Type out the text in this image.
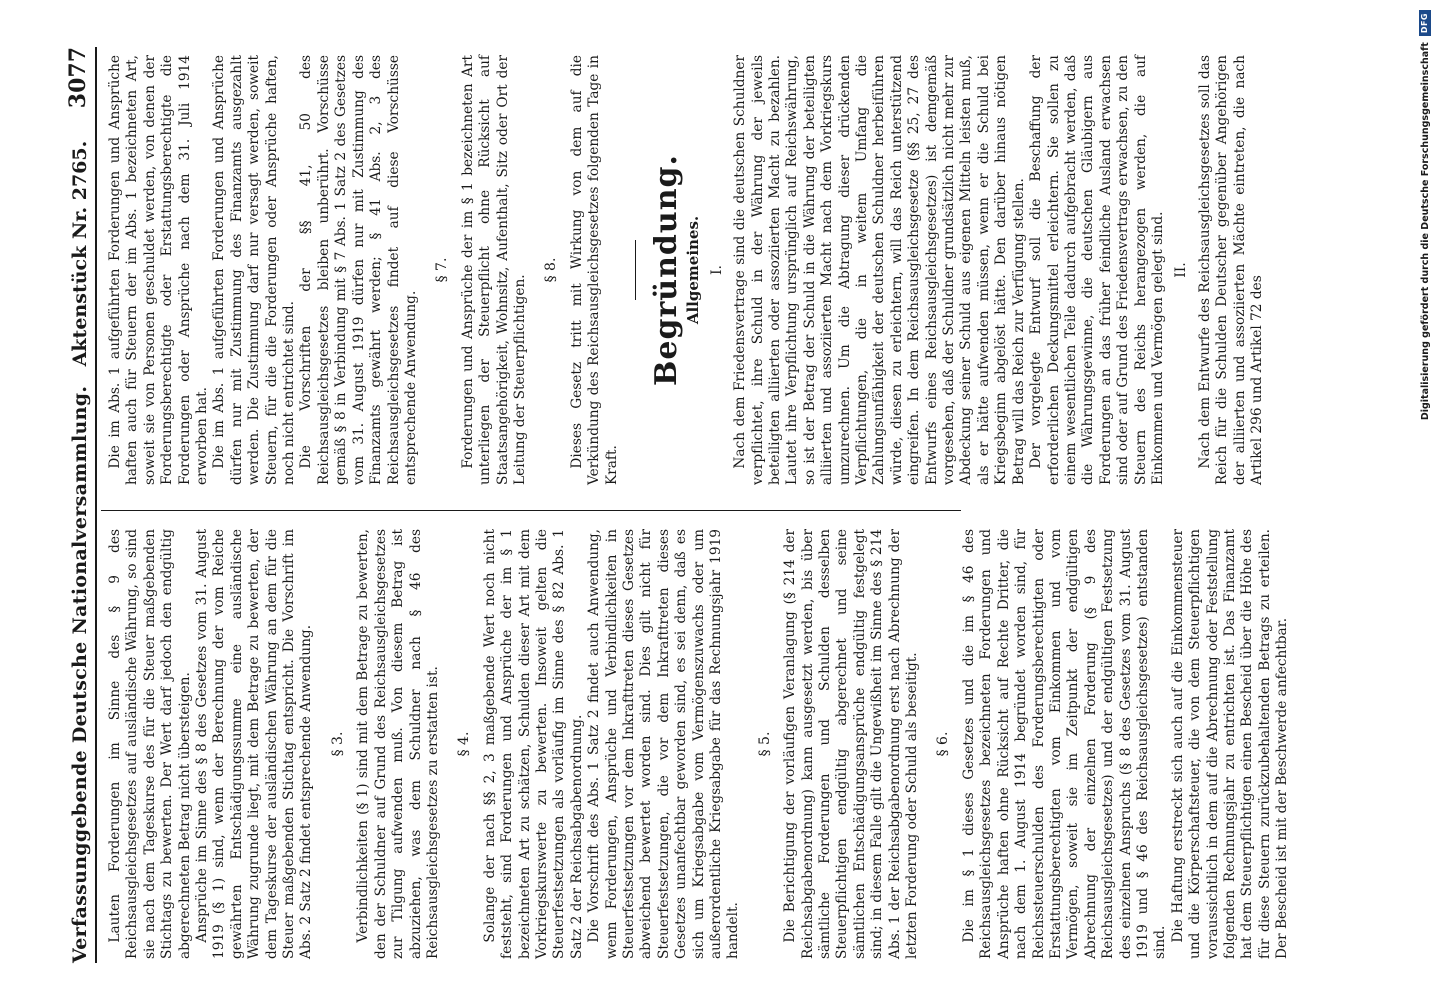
Verfassunggebende Deutsche Nationalversammlung.
Aktenstück Nr. 2765.
3077

Lauten Forderungen im Sinne des § 9 des Reichsausgleichsgesetzes auf ausländische Währung, so sind sie nach dem Tageskurse des für die Steuer maßgebenden Stichtags zu bewerten. Der Wert darf jedoch den endgültig abgerechneten Betrag nicht übersteigen. Ansprüche im Sinne des § 8 des Gesetzes vom 31. August 1919 (§ 1) sind, wenn der Berechnung der vom Reiche gewährten Entschädigungssumme eine ausländische Währung zugrunde liegt, mit dem Betrage zu bewerten, der dem Tageskurse der ausländischen Währung an dem für die Steuer maßgebenden Stichtag entspricht. Die Vorschrift im Abs. 2 Satz 2 findet entsprechende Anwendung. § 3. Verbindlichkeiten (§ 1) sind mit dem Betrage zu bewerten, den der Schuldner auf Grund des Reichsausgleichsgesetzes zur Tilgung aufwenden muß. Von diesem Betrag ist abzuziehen, was dem Schuldner nach § 46 des Reichsausgleichsgesetzes zu erstatten ist. § 4. Solange der nach §§ 2, 3 maßgebende Wert noch nicht feststeht, sind Forderungen und Ansprüche der im § 1 bezeichneten Art zu schätzen, Schulden dieser Art mit dem Vorkriegskurswerte zu bewerten. Insoweit gelten die Steuerfestsetzungen als vorläufig im Sinne des § 82 Abs. 1 Satz 2 der Reichsabgabenordnung. Die Vorschrift des Abs. 1 Satz 2 findet auch Anwendung, wenn Forderungen, Ansprüche und Verbindlichkeiten in Steuerfestsetzungen vor dem Inkrafttreten dieses Gesetzes abweichend bewertet worden sind. Dies gilt nicht für Steuerfestsetzungen, die vor dem Inkrafttreten dieses Gesetzes unanfechtbar geworden sind, es sei denn, daß es sich um Kriegsabgabe vom Vermögenszuwachs oder um außerordentliche Kriegsabgabe für das Rechnungsjahr 1919 handelt.

§ 5. Die Berichtigung der vorläufigen Veranlagung (§ 214 der Reichsabgabenordnung) kann ausgesetzt werden, bis über sämtliche Forderungen und Schulden desselben Steuerpflichtigen endgültig abgerechnet und seine sämtlichen Entschädigungsansprüche endgültig festgelegt sind; in diesem Falle gilt die Ungewißheit im Sinne des § 214 Abs. 1 der Reichsabgabenordnung erst nach Abrechnung der letzten Forderung oder Schuld als beseitigt. § 6. Die im § 1 dieses Gesetzes und die im § 46 des Reichsausgleichsgesetzes bezeichneten Forderungen und Ansprüche haften ohne Rücksicht auf Rechte Dritter, die nach dem 1. August 1914 begründet worden sind, für Reichssteuerschulden des Forderungsberechtigten oder Erstattungsberechtigten vom Einkommen und vom Vermögen, soweit sie im Zeitpunkt der endgültigen Abrechnung der einzelnen Forderung (§ 9 des Reichsausgleichsgesetzes) und der endgültigen Festsetzung des einzelnen Anspruchs (§ 8 des Gesetzes vom 31. August 1919 und § 46 des Reichsausgleichsgesetzes) entstanden sind. Die Haftung erstreckt sich auch auf die Einkommensteuer und die Körperschaftsteuer, die von dem Steuerpflichtigen voraussichtlich in dem auf die Abrechnung oder Feststellung folgenden Rechnungsjahr zu entrichten ist. Das Finanzamt hat dem Steuerpflichtigen einen Bescheid über die Höhe des für diese Steuern zurückzubehaltenden Betrags zu erteilen. Der Bescheid ist mit der Beschwerde anfechtbar.

Die im Abs. 1 aufgeführten Forderungen und Ansprüche haften auch für Steuern der im Abs. 1 bezeichneten Art, soweit sie von Personen geschuldet werden, von denen der Forderungsberechtigte oder Erstattungsberechtigte die Forderungen oder Ansprüche nach dem 31. Juli 1914 erworben hat. Die im Abs. 1 aufgeführten Forderungen und Ansprüche dürfen nur mit Zustimmung des Finanzamts ausgezahlt werden. Die Zustimmung darf nur versagt werden, soweit Steuern, für die die Forderungen oder Ansprüche haften, noch nicht entrichtet sind. Die Vorschriften der §§ 41, 50 des Reichsausgleichsgesetzes bleiben unberührt. Vorschüsse gemäß § 8 in Verbindung mit § 7 Abs. 1 Satz 2 des Gesetzes vom 31. August 1919 dürfen nur mit Zustimmung des Finanzamts gewährt werden; § 41 Abs. 2, 3 des Reichsausgleichsgesetzes findet auf diese Vorschüsse entsprechende Anwendung.

§ 7. Forderungen und Ansprüche der im § 1 bezeichneten Art unterliegen der Steuerpflicht ohne Rücksicht auf Staatsangehörigkeit, Wohnsitz, Aufenthalt, Sitz oder Ort der Leitung der Steuerpflichtigen.

§ 8. Dieses Gesetz tritt mit Wirkung von dem auf die Verkündung des Reichsausgleichsgesetzes folgenden Tage in Kraft.

Begründung. Allgemeines. I. Nach dem Friedensvertrage sind die deutschen Schuldner verpflichtet, ihre Schuld in der Währung der jeweils beteiligten alliierten oder assoziierten Macht zu bezahlen. Lautet ihre Verpflichtung ursprünglich auf Reichswährung, so ist der Betrag der Schuld in die Währung der beteiligten alliierten und assoziierten Macht nach dem Vorkriegskurs umzurechnen. Um die Abtragung dieser drückenden Verpflichtungen, die in weitem Umfang die Zahlungsunfähigkeit der deutschen Schuldner herbeiführen würde, diesen zu erleichtern, will das Reich unterstützend eingreifen. In dem Reichsausgleichsgesetze (§§ 25, 27 des Entwurfs eines Reichsausgleichsgesetzes) ist demgemäß vorgesehen, daß der Schuldner grundsätzlich nicht mehr zur Abdeckung seiner Schuld aus eigenen Mitteln leisten muß, als er hätte aufwenden müssen, wenn er die Schuld bei Kriegsbeginn abgelöst hätte. Den darüber hinaus nötigen Betrag will das Reich zur Verfügung stellen. Der vorgelegte Entwurf soll die Beschaffung der erforderlichen Deckungsmittel erleichtern. Sie sollen zu einem wesentlichen Teile dadurch aufgebracht werden, daß die Währungsgewinne, die deutschen Gläubigern aus Forderungen an das früher feindliche Ausland erwachsen sind oder auf Grund des Friedensvertrags erwachsen, zu den Steuern des Reichs herangezogen werden, die auf Einkommen und Vermögen gelegt sind. II. Nach dem Entwurfe des Reichsausgleichsgesetzes soll das Reich für die Schulden Deutscher gegenüber Angehörigen der alliierten und assoziierten Mächte eintreten, die nach Artikel 296 und Artikel 72 des	Digitalisierung gefördert durch die Deutsche Forschungsgemeinschaft
DFG
